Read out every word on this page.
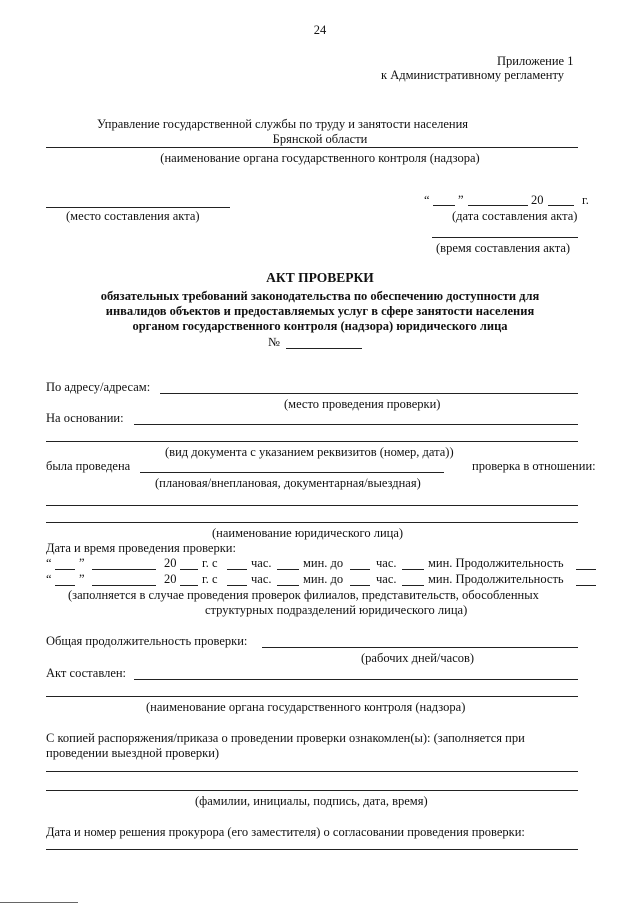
24
Приложение 1
к Административному регламенту
Управление государственной службы по труду и занятости населения
Брянской области
(наименование органа государственного контроля (надзора)
(место составления акта)
“ ”	20	г.
(дата составления акта)
(время составления акта)
АКТ ПРОВЕРКИ
обязательных требований законодательства по обеспечению доступности для
инвалидов объектов и предоставляемых услуг в сфере занятости населения
органом государственного контроля (надзора) юридического лица
№
По адресу/адресам:
(место проведения проверки)
На основании:
(вид документа с указанием реквизитов (номер, дата))
была проведена	проверка в отношении:
(плановая/внеплановая, документарная/выездная)
(наименование юридического лица)
Дата и время проведения проверки:
“ ”	20 г. с	час.	мин. до	час.	мин. Продолжительность
“ ”	20 г. с	час.	мин. до	час.	мин. Продолжительность
(заполняется в случае проведения проверок филиалов, представительств, обособленных
структурных подразделений юридического лица)
Общая продолжительность проверки:
(рабочих дней/часов)
Акт составлен:
(наименование органа государственного контроля (надзора)
С копией распоряжения/приказа о проведении проверки ознакомлен(ы): (заполняется при
проведении выездной проверки)
(фамилии, инициалы, подпись, дата, время)
Дата и номер решения прокурора (его заместителя) о согласовании проведения проверки:
